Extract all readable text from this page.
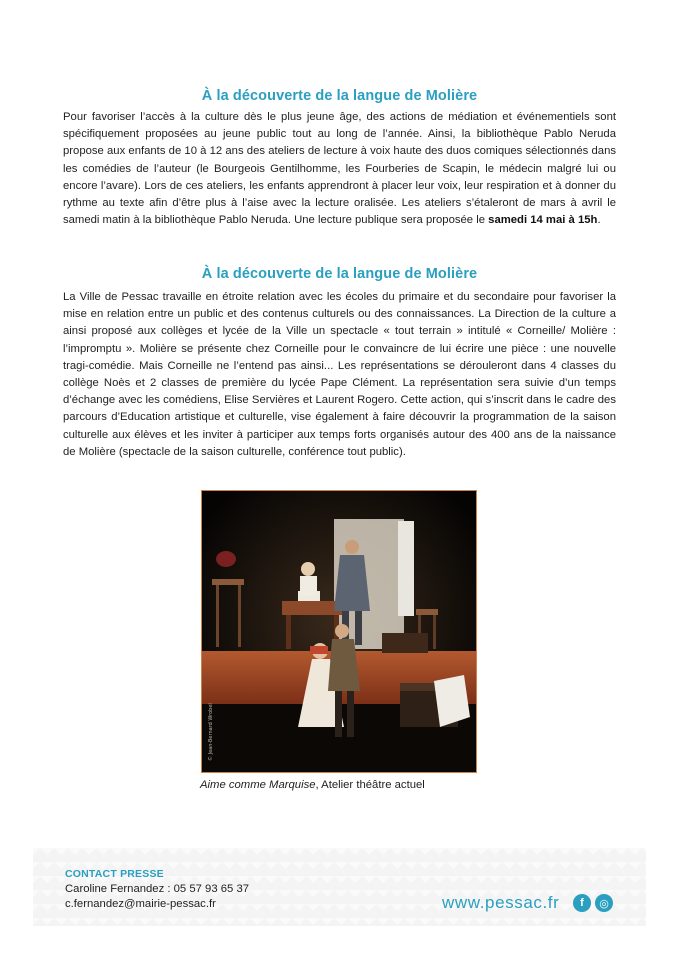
À la découverte de la langue de Molière
Pour favoriser l’accès à la culture dès le plus jeune âge, des actions de médiation et événementiels sont spécifiquement proposées au jeune public tout au long de l’année. Ainsi, la bibliothèque Pablo Neruda propose aux enfants de 10 à 12 ans des ateliers de lecture à voix haute des duos comiques sélectionnés dans les comédies de l’auteur (le Bourgeois Gentilhomme, les Fourberies de Scapin, le médecin malgré lui ou encore l’avare). Lors de ces ateliers, les enfants apprendront à placer leur voix, leur respiration et à donner du rythme au texte afin d’être plus à l’aise avec la lecture oralisée. Les ateliers s’étaleront de mars à avril le samedi matin à la bibliothèque Pablo Neruda. Une lecture publique sera proposée le samedi 14 mai à 15h.
À la découverte de la langue de Molière
La Ville de Pessac travaille en étroite relation avec les écoles du primaire et du secondaire pour favoriser la mise en relation entre un public et des contenus culturels ou des connaissances. La Direction de la culture a ainsi proposé aux collèges et lycée de la Ville un spectacle « tout terrain » intitulé « Corneille/ Molière : l’impromptu ». Molière se présente chez Corneille pour le convaincre de lui écrire une pièce : une nouvelle tragi-comédie. Mais Corneille ne l’entend pas ainsi... Les représentations se dérouleront dans 4 classes du collège Noès et 2 classes de première du lycée Pape Clément. La représentation sera suivie d’un temps d’échange avec les comédiens, Elise Servières et Laurent Rogero. Cette action, qui s’inscrit dans le cadre des parcours d’Education artistique et culturelle, vise également à faire découvrir la programmation de la saison culturelle aux élèves et les inviter à participer aux temps forts organisés autour des 400 ans de la naissance de Molière (spectacle de la saison culturelle, conférence tout public).
© Jean-Bernard Wrobel
Aime comme Marquise, Atelier théâtre actuel
CONTACT PRESSE
Caroline Fernandez : 05 57 93 65 37
c.fernandez@mairie-pessac.fr	www.pessac.fr	f	◎
